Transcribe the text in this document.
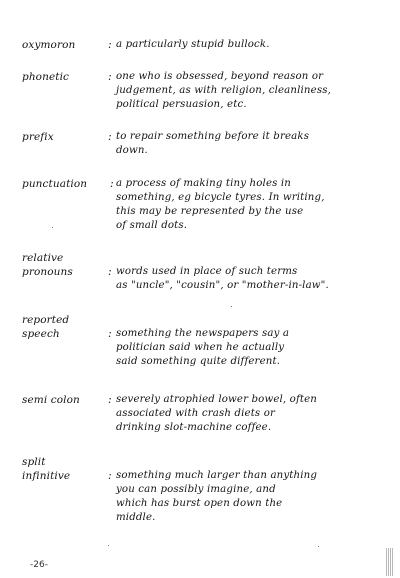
oxymoron	: a particularly stupid bullock.
phonetic	: one who is obsessed, beyond reason or
judgement, as with religion, cleanliness,
political persuasion, etc.
prefix	: to repair something before it breaks
down.
punctuation	: a process of making tiny holes in
something, eg bicycle tyres. In writing,
this may be represented by the use
of small dots.
relative
pronouns	: words used in place of such terms
as "uncle", "cousin", or "mother-in-law".
reported
speech	: something the newspapers say a
politician said when he actually
said something quite different.
semi colon	: severely atrophied lower bowel, often
associated with crash diets or
drinking slot-machine coffee.
split
infinitive	: something much larger than anything
you can possibly imagine, and
which has burst open down the
middle.
-26-
